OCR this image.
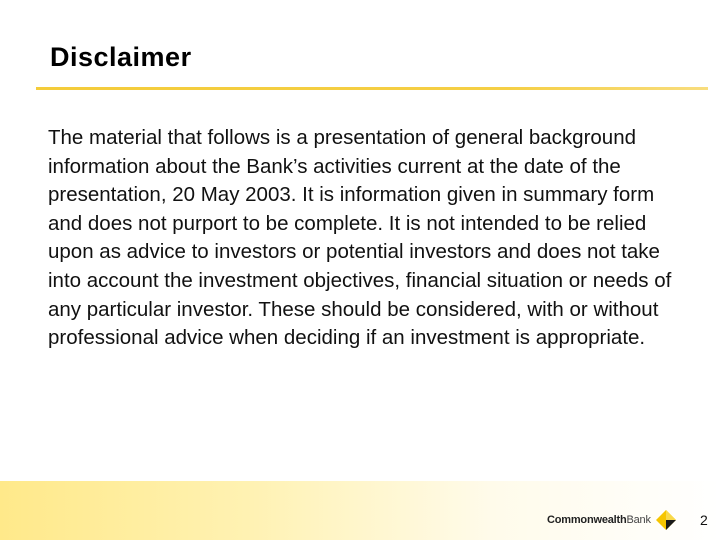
Disclaimer

The material that follows is a presentation of general background information about the Bank’s activities current at the date of the presentation, 20 May 2003. It is information given in summary form and does not purport to be complete. It is not intended to be relied upon as advice to investors or potential investors and does not take into account the investment objectives, financial situation or needs of any particular investor. These should be considered, with or without professional advice when deciding if an investment is appropriate.

Commonwealth Bank	2
